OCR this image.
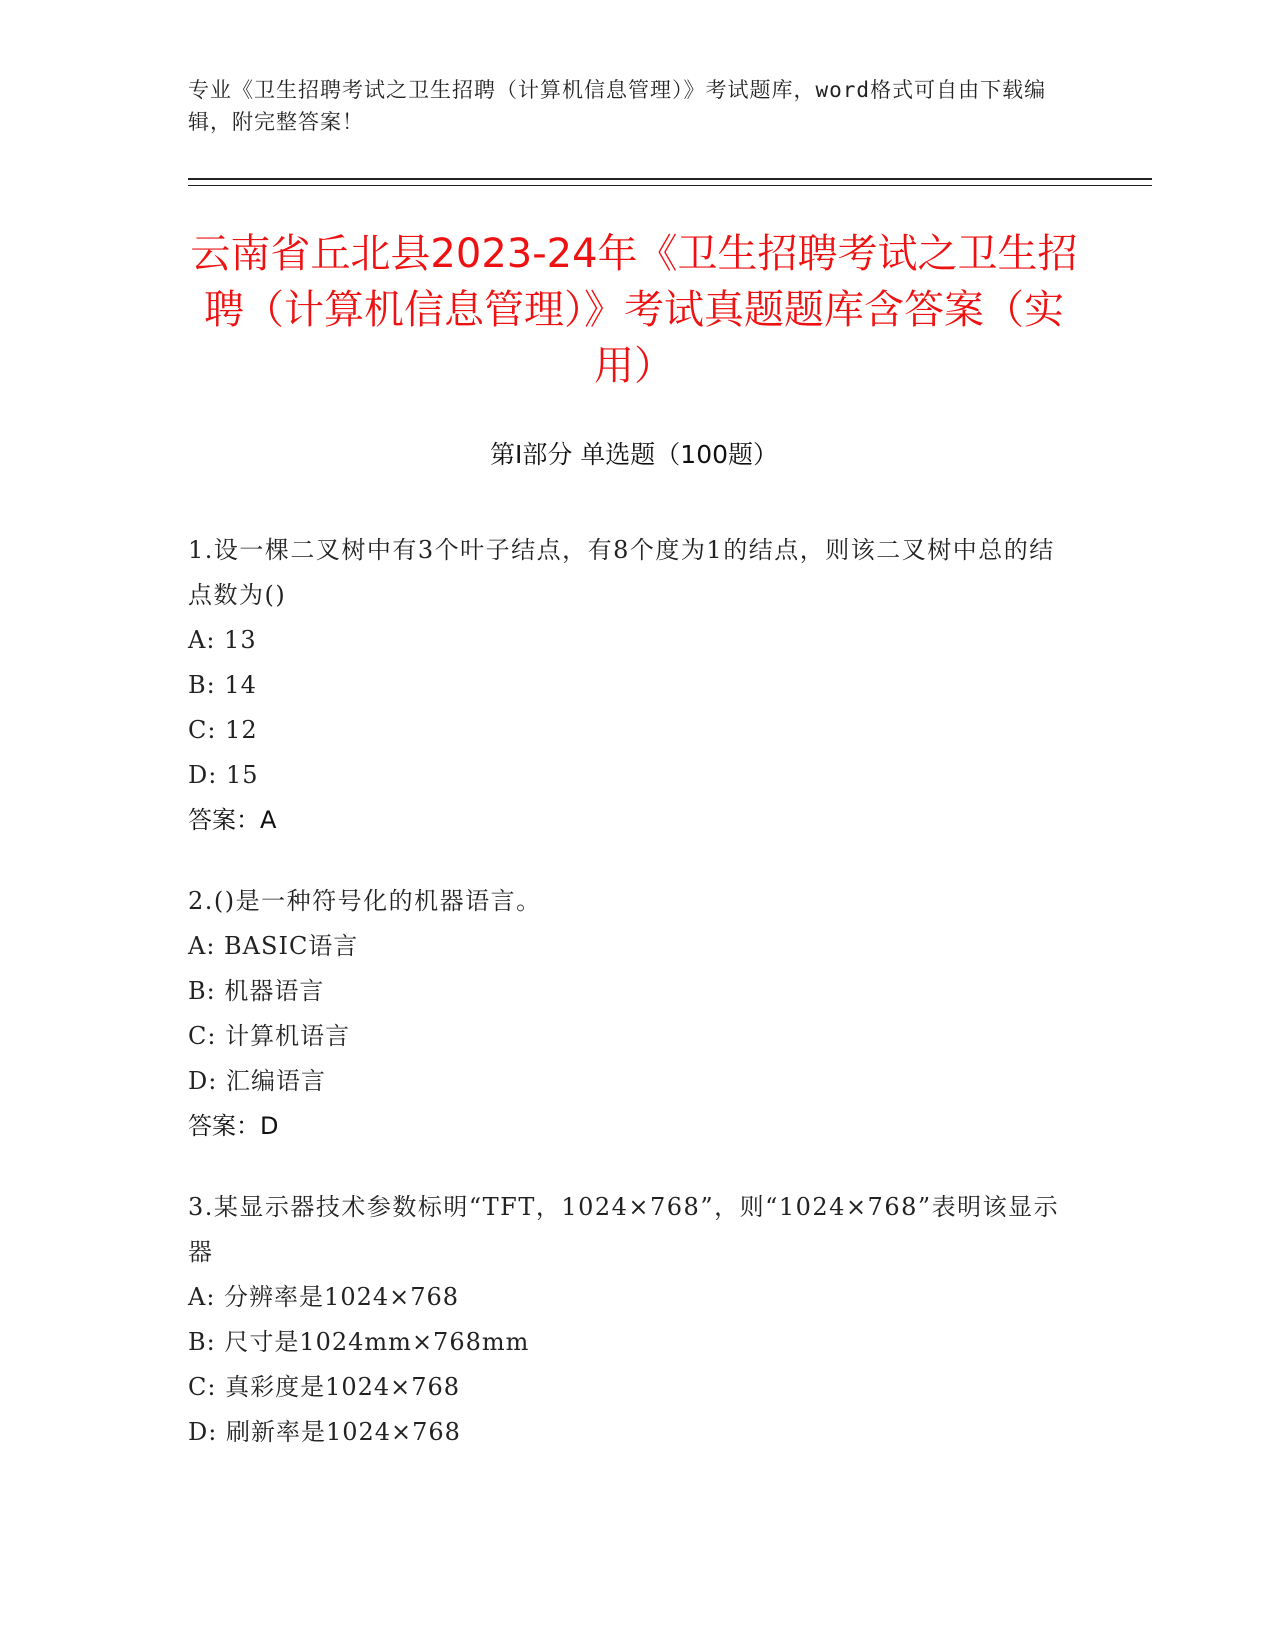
专业《卫生招聘考试之卫生招聘（计算机信息管理）》考试题库，word格式可自由下载编辑，附完整答案！
云南省丘北县2023-24年《卫生招聘考试之卫生招聘（计算机信息管理）》考试真题题库含答案（实用）
第Ⅰ部分 单选题（100题）
1.设一棵二叉树中有3个叶子结点，有8个度为1的结点，则该二叉树中总的结点数为()
A: 13
B: 14
C: 12
D: 15
答案：A
2.()是一种符号化的机器语言。
A: BASIC语言
B: 机器语言
C: 计算机语言
D: 汇编语言
答案：D
3.某显示器技术参数标明“TFT，1024×768”，则“1024×768”表明该显示器
A: 分辨率是1024×768
B: 尺寸是1024mm×768mm
C: 真彩度是1024×768
D: 刷新率是1024×768
